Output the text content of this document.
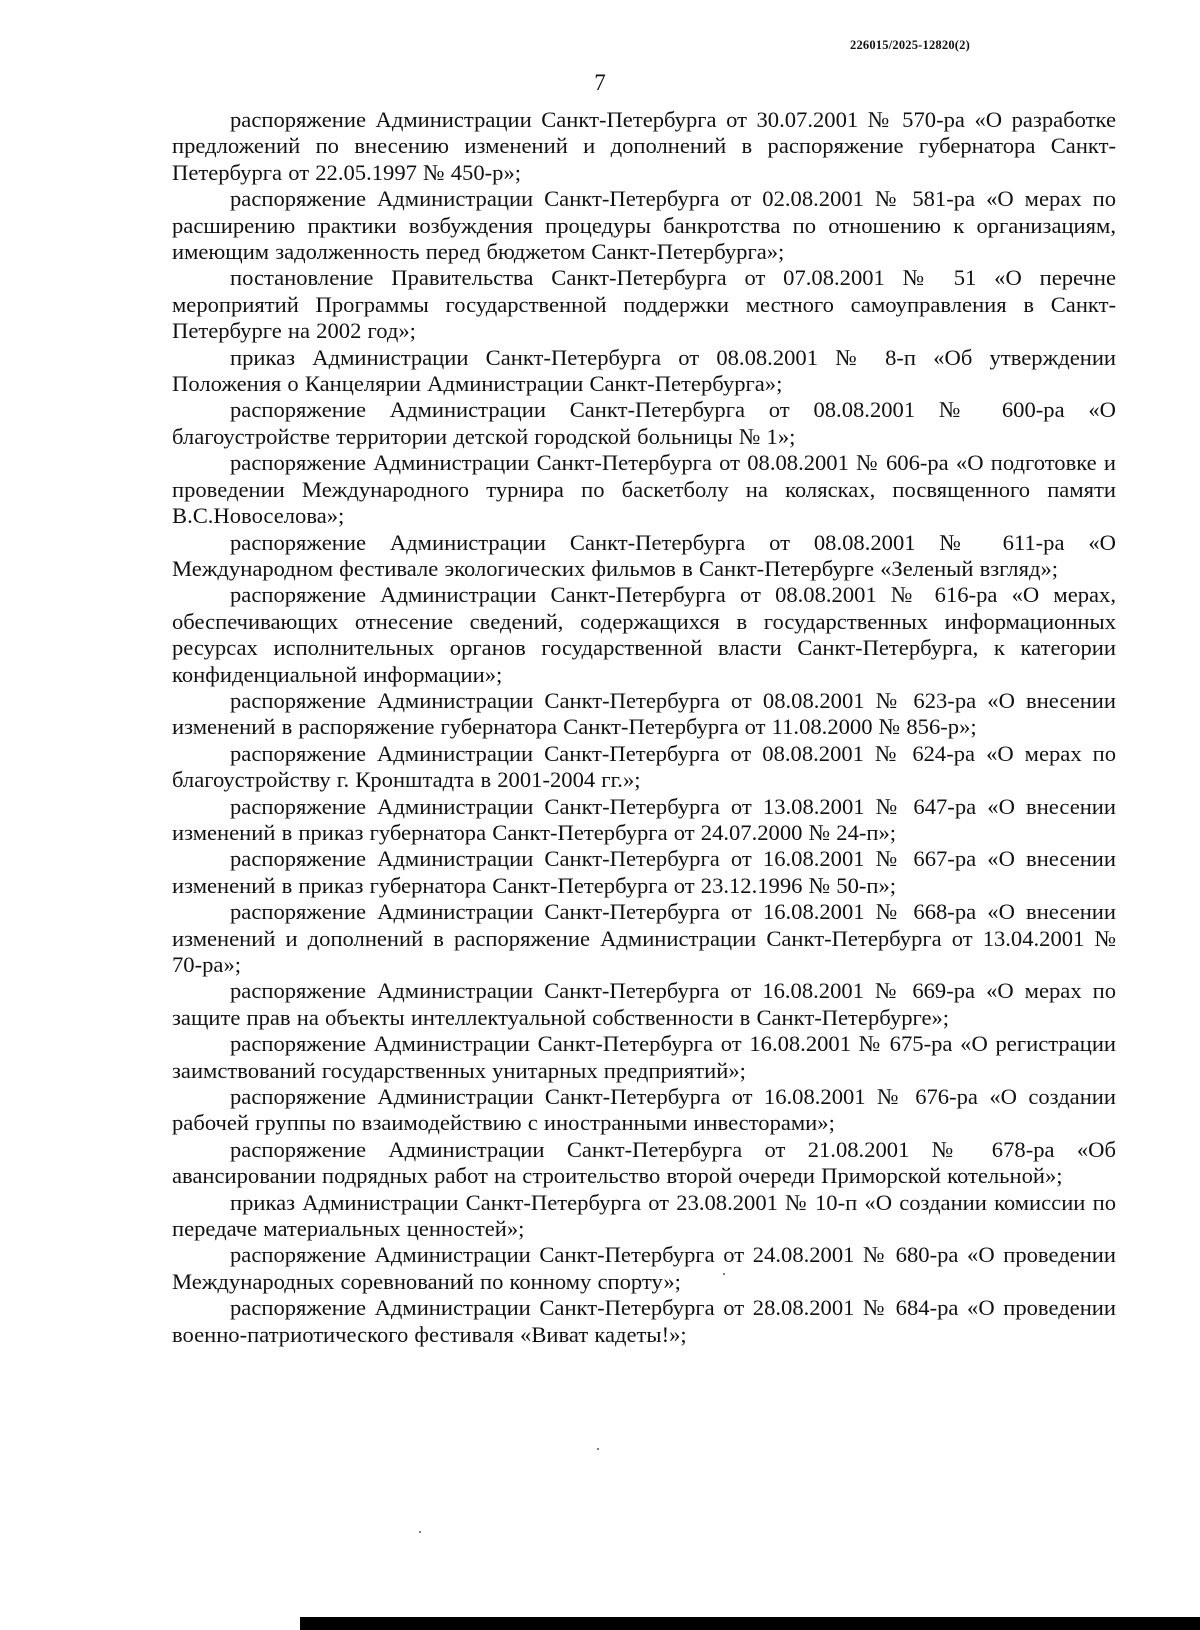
226015/2025-12820(2)
7

распоряжение Администрации Санкт-Петербурга от 30.07.2001 № 570-ра «О разработке предложений по внесению изменений и дополнений в распоряжение губернатора Санкт-Петербурга от 22.05.1997 № 450-р»;

распоряжение Администрации Санкт-Петербурга от 02.08.2001 № 581-ра «О мерах по расширению практики возбуждения процедуры банкротства по отношению к организациям, имеющим задолженность перед бюджетом Санкт-Петербурга»;

постановление Правительства Санкт-Петербурга от 07.08.2001 № 51 «О перечне мероприятий Программы государственной поддержки местного самоуправления в Санкт-Петербурге на 2002 год»;

приказ Администрации Санкт-Петербурга от 08.08.2001 № 8-п «Об утверждении Положения о Канцелярии Администрации Санкт-Петербурга»;

распоряжение Администрации Санкт-Петербурга от 08.08.2001 № 600-ра «О благоустройстве территории детской городской больницы № 1»;

распоряжение Администрации Санкт-Петербурга от 08.08.2001 № 606-ра «О подготовке и проведении Международного турнира по баскетболу на колясках, посвященного памяти В.С.Новоселова»;

распоряжение Администрации Санкт-Петербурга от 08.08.2001 № 611-ра «О Международном фестивале экологических фильмов в Санкт-Петербурге «Зеленый взгляд»;

распоряжение Администрации Санкт-Петербурга от 08.08.2001 № 616-ра «О мерах, обеспечивающих отнесение сведений, содержащихся в государственных информационных ресурсах исполнительных органов государственной власти Санкт-Петербурга, к категории конфиденциальной информации»;

распоряжение Администрации Санкт-Петербурга от 08.08.2001 № 623-ра «О внесении изменений в распоряжение губернатора Санкт-Петербурга от 11.08.2000 № 856-р»;

распоряжение Администрации Санкт-Петербурга от 08.08.2001 № 624-ра «О мерах по благоустройству г. Кронштадта в 2001-2004 гг.»;

распоряжение Администрации Санкт-Петербурга от 13.08.2001 № 647-ра «О внесении изменений в приказ губернатора Санкт-Петербурга от 24.07.2000 № 24-п»;

распоряжение Администрации Санкт-Петербурга от 16.08.2001 № 667-ра «О внесении изменений в приказ губернатора Санкт-Петербурга от 23.12.1996 № 50-п»;

распоряжение Администрации Санкт-Петербурга от 16.08.2001 № 668-ра «О внесении изменений и дополнений в распоряжение Администрации Санкт-Петербурга от 13.04.2001 № 70-ра»;

распоряжение Администрации Санкт-Петербурга от 16.08.2001 № 669-ра «О мерах по защите прав на объекты интеллектуальной собственности в Санкт-Петербурге»;

распоряжение Администрации Санкт-Петербурга от 16.08.2001 № 675-ра «О регистрации заимствований государственных унитарных предприятий»;

распоряжение Администрации Санкт-Петербурга от 16.08.2001 № 676-ра «О создании рабочей группы по взаимодействию с иностранными инвесторами»;

распоряжение Администрации Санкт-Петербурга от 21.08.2001 № 678-ра «Об авансировании подрядных работ на строительство второй очереди Приморской котельной»;

приказ Администрации Санкт-Петербурга от 23.08.2001 № 10-п «О создании комиссии по передаче материальных ценностей»;

распоряжение Администрации Санкт-Петербурга от 24.08.2001 № 680-ра «О проведении Международных соревнований по конному спорту»;

распоряжение Администрации Санкт-Петербурга от 28.08.2001 № 684-ра «О проведении военно-патриотического фестиваля «Виват кадеты!»;
